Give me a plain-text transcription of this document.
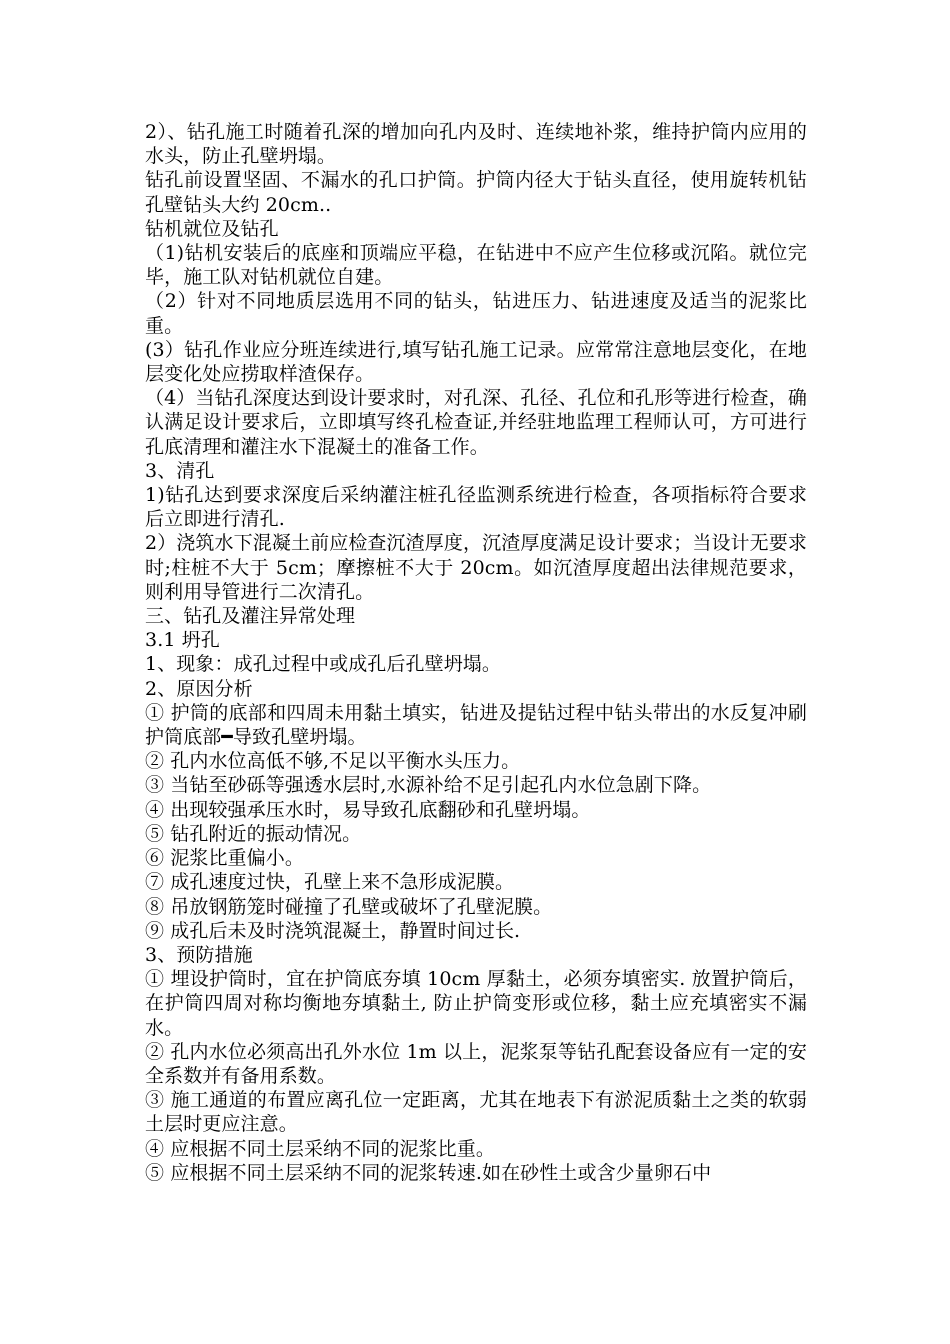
2）、钻孔施工时随着孔深的增加向孔内及时、连续地补浆，维持护筒内应用的水头，防止孔壁坍塌。

钻孔前设置坚固、不漏水的孔口护筒。护筒内径大于钻头直径，使用旋转机钻孔壁钻头大约 20cm..

钻机就位及钻孔

（1)钻机安装后的底座和顶端应平稳，在钻进中不应产生位移或沉陷。就位完毕，施工队对钻机就位自建。

（2）针对不同地质层选用不同的钻头，钻进压力、钻进速度及适当的泥浆比重。

(3）钻孔作业应分班连续进行,填写钻孔施工记录。应常常注意地层变化，在地层变化处应捞取样渣保存。

（4）当钻孔深度达到设计要求时，对孔深、孔径、孔位和孔形等进行检查，确认满足设计要求后，立即填写终孔检查证,并经驻地监理工程师认可，方可进行孔底清理和灌注水下混凝土的准备工作。

3、清孔

1)钻孔达到要求深度后采纳灌注桩孔径监测系统进行检查，各项指标符合要求后立即进行清孔.

2）浇筑水下混凝土前应检查沉渣厚度，沉渣厚度满足设计要求；当设计无要求时;柱桩不大于 5cm；摩擦桩不大于 20cm。如沉渣厚度超出法律规范要求，则利用导管进行二次清孔。

三、钻孔及灌注异常处理

3.1 坍孔

1、现象：成孔过程中或成孔后孔壁坍塌。

2、原因分析

① 护筒的底部和四周未用黏土填实，钻进及提钻过程中钻头带出的水反复冲刷护筒底部━导致孔壁坍塌。

② 孔内水位高低不够,不足以平衡水头压力。

③ 当钻至砂砾等强透水层时,水源补给不足引起孔内水位急剧下降。

④ 出现较强承压水时，易导致孔底翻砂和孔壁坍塌。

⑤ 钻孔附近的振动情况。

⑥ 泥浆比重偏小。

⑦ 成孔速度过快，孔壁上来不急形成泥膜。

⑧ 吊放钢筋笼时碰撞了孔壁或破坏了孔壁泥膜。

⑨ 成孔后未及时浇筑混凝土，静置时间过长.

3、预防措施

① 埋设护筒时，宜在护筒底夯填 10cm 厚黏土，必须夯填密实. 放置护筒后，在护筒四周对称均衡地夯填黏土, 防止护筒变形或位移，黏土应充填密实不漏水。

② 孔内水位必须高出孔外水位 1m 以上，泥浆泵等钻孔配套设备应有一定的安全系数并有备用系数。

③ 施工通道的布置应离孔位一定距离，尤其在地表下有淤泥质黏土之类的软弱土层时更应注意。

④ 应根据不同土层采纳不同的泥浆比重。

⑤ 应根据不同土层采纳不同的泥浆转速.如在砂性土或含少量卵石中
